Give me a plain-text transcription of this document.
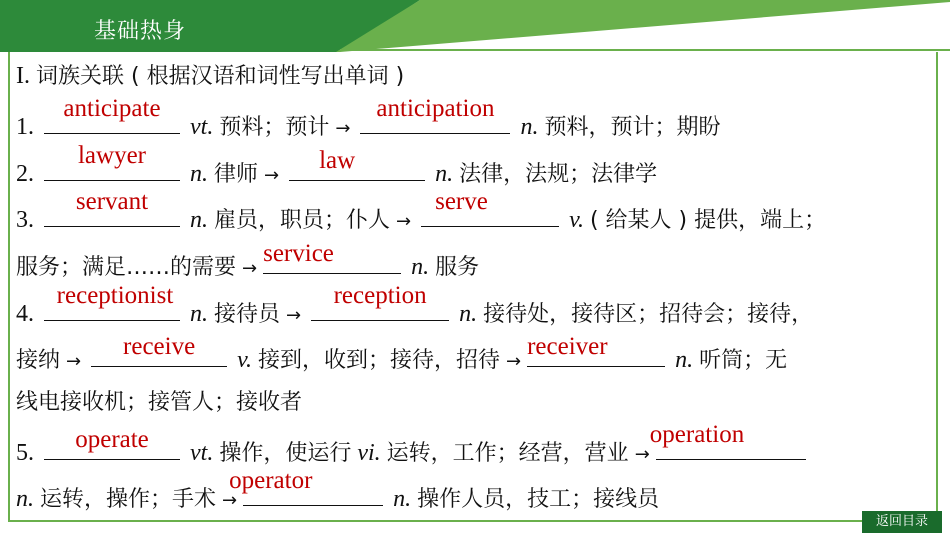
基础热身
I. 词族关联 ( 根据汉语和词性写出单词 )
1.
anticipate
vt. 预料；预计 →
anticipation
n. 预料，预计；期盼
2.
lawyer
n. 律师 →
law	n. 法律，法规；法律学
3.
servant
n. 雇员，职员；仆人 →
serve
v. ( 给某人 ) 提供，端上；
服务；满足……的需要 →
service	n. 服务
4.
receptionist
n. 接待员 →
reception
n. 接待处，接待区；招待会；接待，
接纳 →
receive	v. 接到，收到；接待，招待 →
receiver	n. 听筒；无
线电接收机；接管人；接收者
5.	operate	vt. 操作，使运行 vi. 运转，工作；经营，营业 →
operation
n. 运转，操作；手术 →
operator
n. 操作人员，技工；接线员
返回目录
